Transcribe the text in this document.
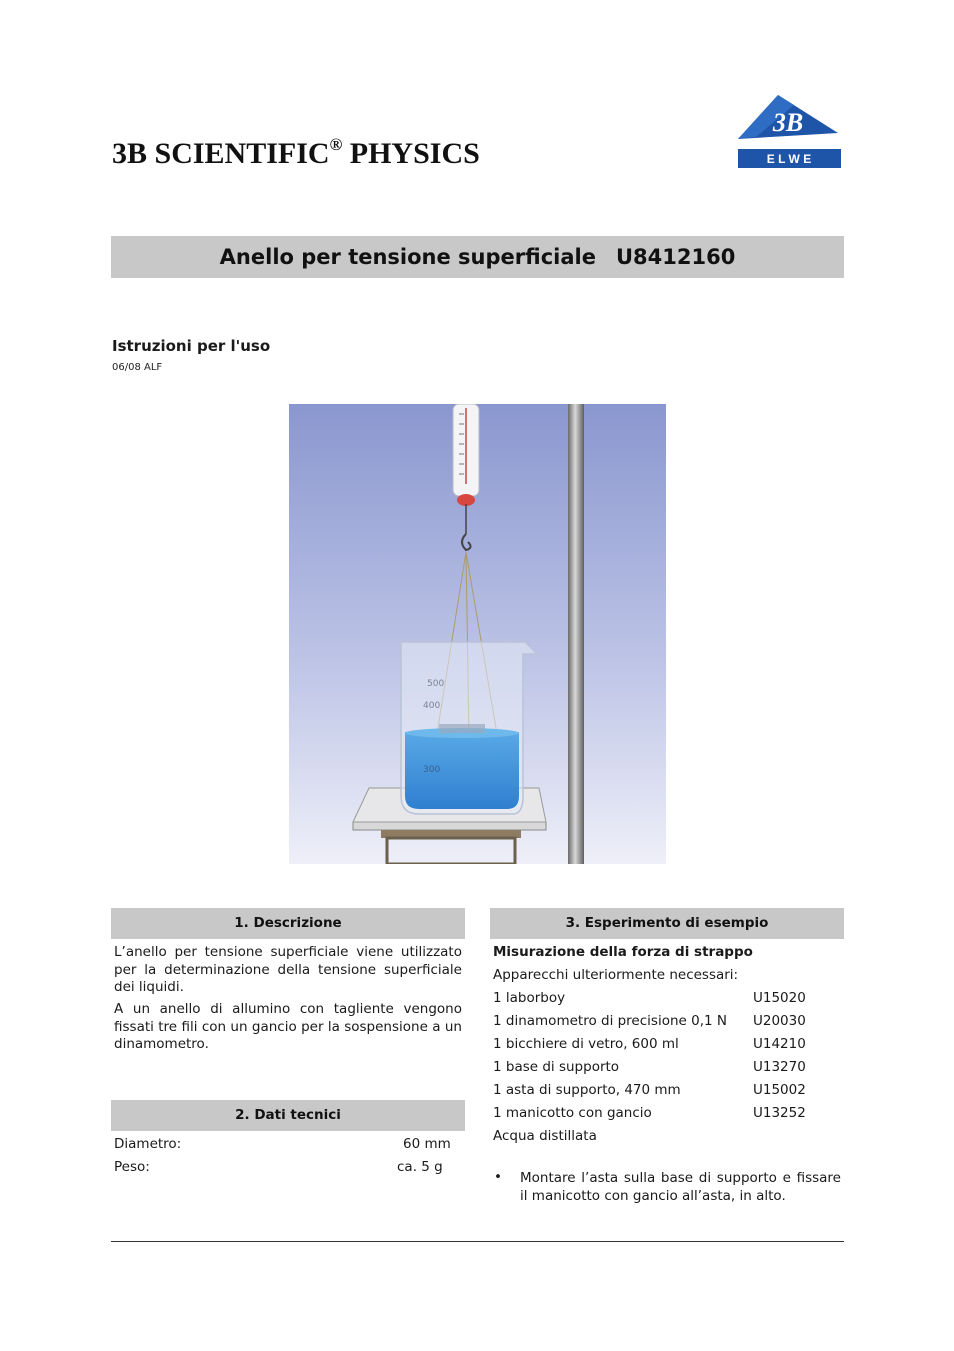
3B SCIENTIFIC® PHYSICS
3B
E L W E
Anello per tensione superficiale U8412160
Istruzioni per l'uso
06/08 ALF
500
400
300
1. Descrizione

L’anello per tensione superficiale viene utilizzato per la determinazione della tensione superficiale dei liquidi.

A un anello di allumino con tagliente vengono fissati tre fili con un gancio per la sospensione a un dinamometro.

2. Dati tecnici
Diametro:	60 mm
Peso:	ca. 5 g
3. Esperimento di esempio
Misurazione della forza di strappo
Apparecchi ulteriormente necessari:
1 laborboy	U15020
1 dinamometro di precisione 0,1 N U20030
1 bicchiere di vetro, 600 ml	U14210
1 base di supporto	U13270
1 asta di supporto, 470 mm	U15002
1 manicotto con gancio	U13252
Acqua distillata
• Montare l’asta sulla base di supporto e fissare il manicotto con gancio all’asta, in alto.
